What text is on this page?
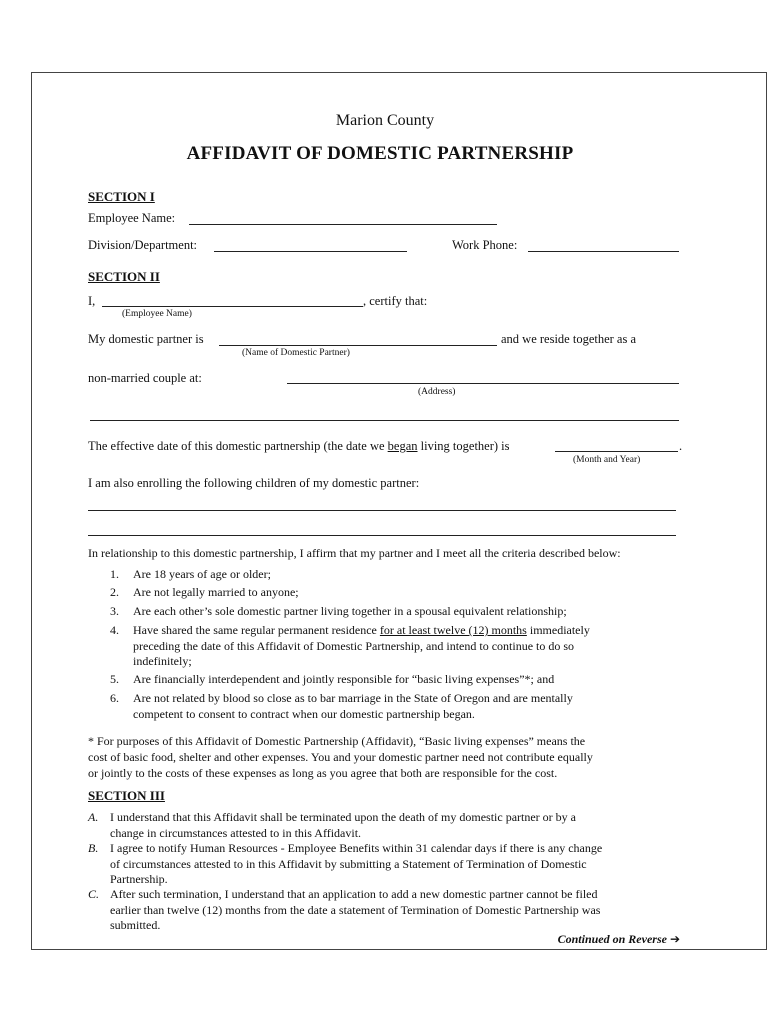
Marion County
AFFIDAVIT OF DOMESTIC PARTNERSHIP
SECTION I
Employee Name:
Division/Department:	Work Phone:
SECTION II
I,	, certify that:
(Employee Name)
My domestic partner is	and we reside together as a
(Name of Domestic Partner)
non-married couple at:
(Address)
The effective date of this domestic partnership (the date we began living together) is	.
(Month and Year)
I am also enrolling the following children of my domestic partner:
In relationship to this domestic partnership, I affirm that my partner and I meet all the criteria described below:
1. Are 18 years of age or older;
2. Are not legally married to anyone;
3. Are each other’s sole domestic partner living together in a spousal equivalent relationship;
4. Have shared the same regular permanent residence for at least twelve (12) months immediately
preceding the date of this Affidavit of Domestic Partnership, and intend to continue to do so
indefinitely;
5. Are financially interdependent and jointly responsible for “basic living expenses”*; and
6. Are not related by blood so close as to bar marriage in the State of Oregon and are mentally
competent to consent to contract when our domestic partnership began.
* For purposes of this Affidavit of Domestic Partnership (Affidavit), “Basic living expenses” means the
cost of basic food, shelter and other expenses. You and your domestic partner need not contribute equally
or jointly to the costs of these expenses as long as you agree that both are responsible for the cost.
SECTION III
A. I understand that this Affidavit shall be terminated upon the death of my domestic partner or by a
change in circumstances attested to in this Affidavit.
B. I agree to notify Human Resources - Employee Benefits within 31 calendar days if there is any change
of circumstances attested to in this Affidavit by submitting a Statement of Termination of Domestic
Partnership.
C. After such termination, I understand that an application to add a new domestic partner cannot be filed
earlier than twelve (12) months from the date a statement of Termination of Domestic Partnership was
submitted.
Continued on Reverse ➔
